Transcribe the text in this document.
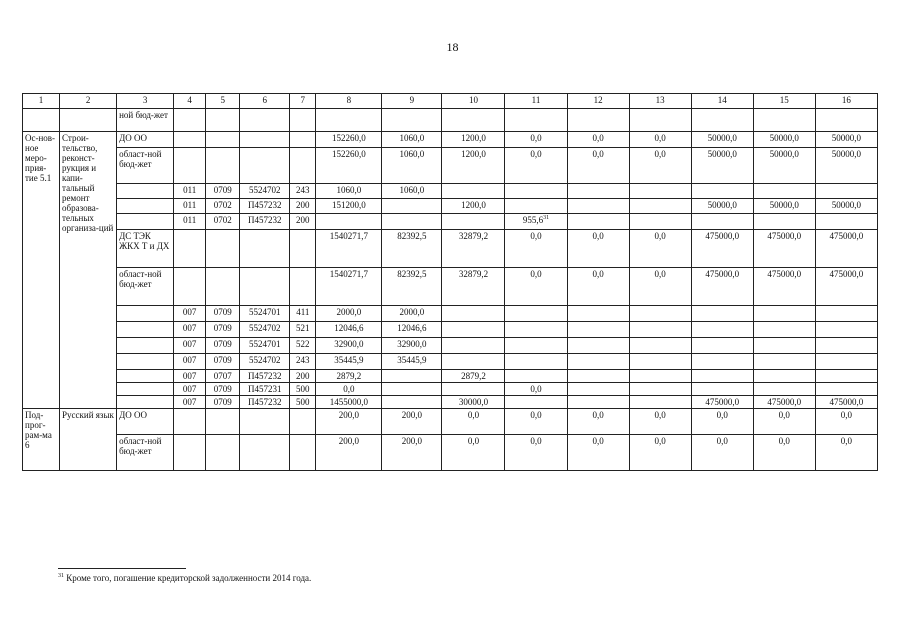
18
1	2	3	4	5	6	7	8	9	10	11	12	13	14	15	16
		ной бюд-жет													
Ос-нов-ное меро-прия-тие 5.1	Строи-тельство, реконст-рукция и капи-тальный ремонт образова-тельных организа-ций	ДО ОО					152260,0	1060,0	1200,0	0,0	0,0	0,0	50000,0	50000,0	50000,0
		област-ной бюд-жет					152260,0	1060,0	1200,0	0,0	0,0	0,0	50000,0	50000,0	50000,0
			011	0709	5524702	243	1060,0	1060,0							
			011	0702	П457232	200	151200,0		1200,0				50000,0	50000,0	50000,0
			011	0702	П457232	200				955,6$^{31}$					
		ДС ТЭК ЖКХ Т и ДХ					1540271,7	82392,5	32879,2	0,0	0,0	0,0	475000,0	475000,0	475000,0
		област-ной бюд-жет					1540271,7	82392,5	32879,2	0,0	0,0	0,0	475000,0	475000,0	475000,0
			007	0709	5524701	411	2000,0	2000,0							
			007	0709	5524702	521	12046,6	12046,6							
			007	0709	5524701	522	32900,0	32900,0							
			007	0709	5524702	243	35445,9	35445,9							
			007	0707	П457232	200	2879,2		2879,2						
			007	0709	П457231	500	0,0			0,0					
			007	0709	П457232	500	1455000,0		30000,0				475000,0	475000,0	475000,0
Под-прог-рам-ма 6	Русский язык	ДО ОО					200,0	200,0	0,0	0,0	0,0	0,0	0,0	0,0	0,0
		област-ной бюд-жет					200,0	200,0	0,0	0,0	0,0	0,0	0,0	0,0	0,0
$^{31}$ Кроме того, погашение кредиторской задолженности 2014 года.
